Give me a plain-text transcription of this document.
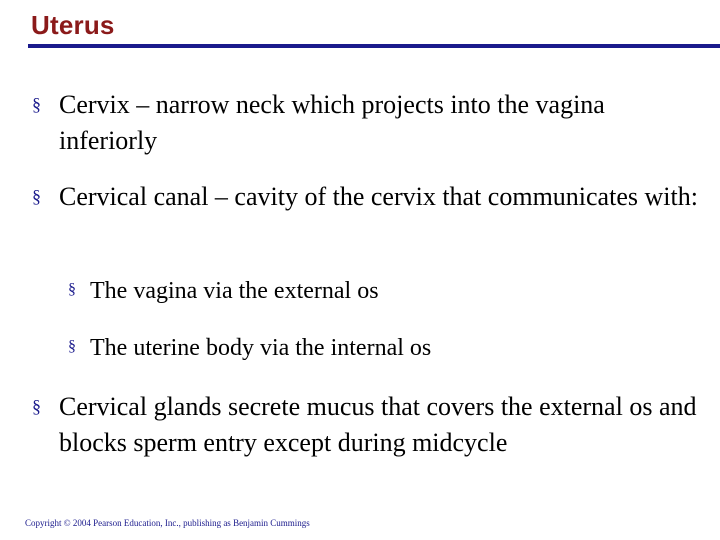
Uterus
§ Cervix – narrow neck which projects into the vagina inferiorly
§ Cervical canal – cavity of the cervix that communicates with:
§ The vagina via the external os
§ The uterine body via the internal os
§ Cervical glands secrete mucus that covers the external os and blocks sperm entry except during midcycle
Copyright © 2004 Pearson Education, Inc., publishing as Benjamin Cummings
